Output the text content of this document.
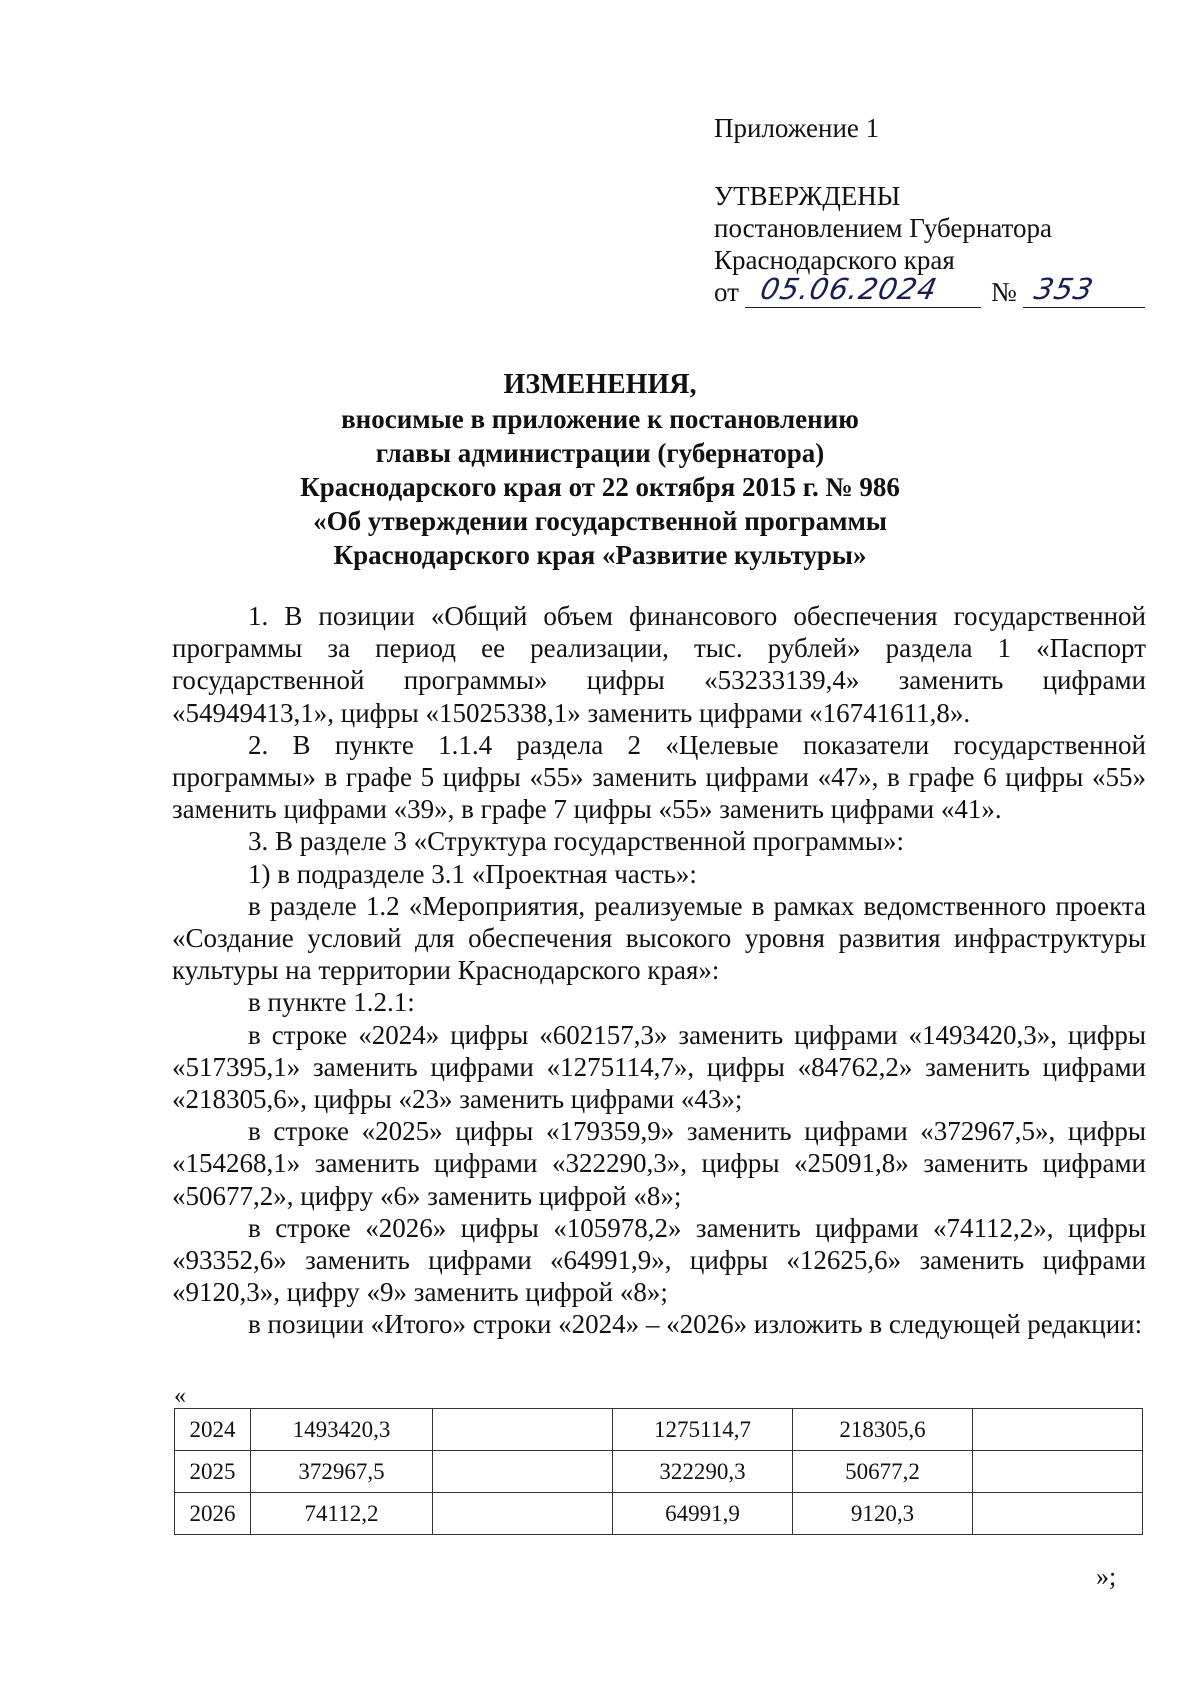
Приложение 1
УТВЕРЖДЕНЫ
постановлением Губернатора
Краснодарского края
от 05.06.2024 № 353
ИЗМЕНЕНИЯ,
вносимые в приложение к постановлению
главы администрации (губернатора)
Краснодарского края от 22 октября 2015 г. № 986
«Об утверждении государственной программы
Краснодарского края «Развитие культуры»

1. В позиции «Общий объем финансового обеспечения государственной программы за период ее реализации, тыс. рублей» раздела 1 «Паспорт государственной программы» цифры «53233139,4» заменить цифрами «54949413,1», цифры «15025338,1» заменить цифрами «16741611,8».

2. В пункте 1.1.4 раздела 2 «Целевые показатели государственной программы» в графе 5 цифры «55» заменить цифрами «47», в графе 6 цифры «55» заменить цифрами «39», в графе 7 цифры «55» заменить цифрами «41».

3. В разделе 3 «Структура государственной программы»:

1) в подразделе 3.1 «Проектная часть»:

в разделе 1.2 «Мероприятия, реализуемые в рамках ведомственного проекта «Создание условий для обеспечения высокого уровня развития инфраструктуры культуры на территории Краснодарского края»:

в пункте 1.2.1:

в строке «2024» цифры «602157,3» заменить цифрами «1493420,3», цифры «517395,1» заменить цифрами «1275114,7», цифры «84762,2» заменить цифрами «218305,6», цифры «23» заменить цифрами «43»;

в строке «2025» цифры «179359,9» заменить цифрами «372967,5», цифры «154268,1» заменить цифрами «322290,3», цифры «25091,8» заменить цифрами «50677,2», цифру «6» заменить цифрой «8»;

в строке «2026» цифры «105978,2» заменить цифрами «74112,2», цифры «93352,6» заменить цифрами «64991,9», цифры «12625,6» заменить цифрами «9120,3», цифру «9» заменить цифрой «8»;

в позиции «Итого» строки «2024» – «2026» изложить в следующей редакции:

«
2024	1493420,3		1275114,7	218305,6	
2025	372967,5		322290,3	50677,2	
2026	74112,2		64991,9	9120,3	
»;
